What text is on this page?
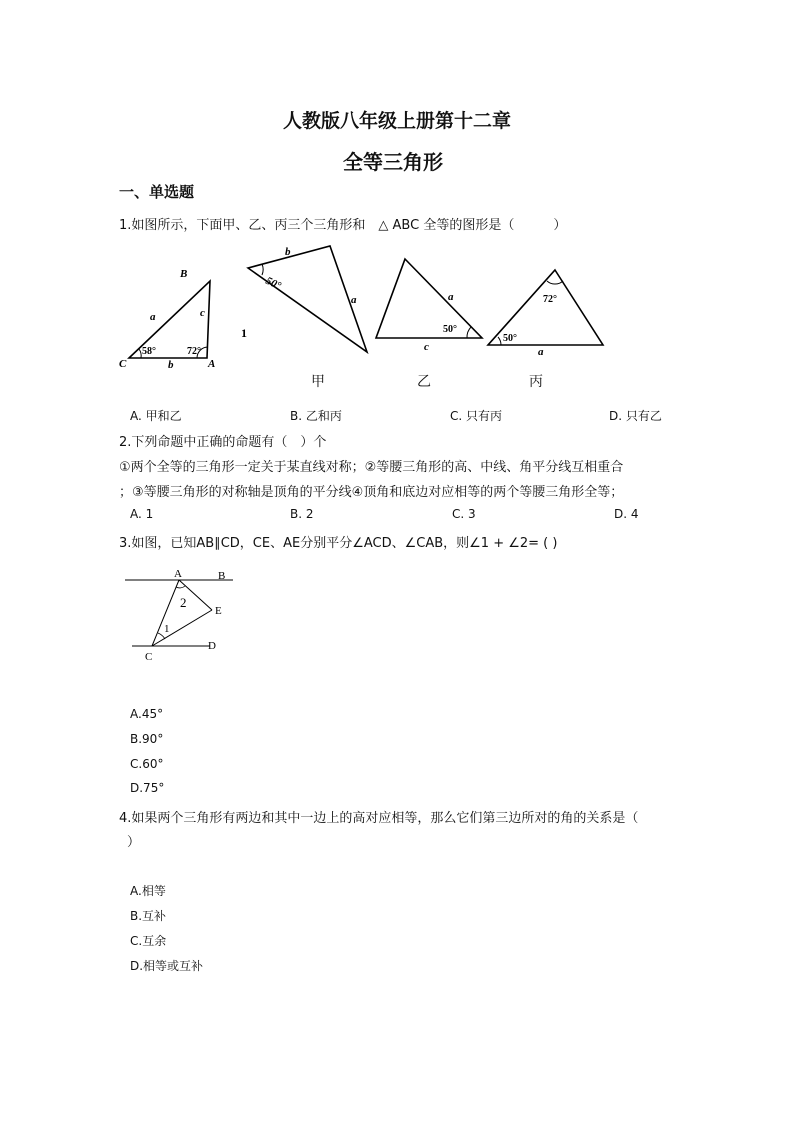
人教版八年级上册第十二章
全等三角形
一、单选题
1.如图所示，下面甲、乙、丙三个三角形和　△ ABC 全等的图形是（　　　）
B
C	A
a	c
b
58°	72°
1
b
a
50°
a
c
50°
72°
50°
a
甲	乙	丙
A. 甲和乙	B. 乙和丙	C. 只有丙	D. 只有乙
2.下列命题中正确的命题有（　）个
①两个全等的三角形一定关于某直线对称；②等腰三角形的高、中线、角平分线互相重合
；③等腰三角形的对称轴是顶角的平分线④顶角和底边对应相等的两个等腰三角形全等；
A. 1	B. 2	C. 3	D. 4
3.如图，已知AB∥CD，CE、AE分别平分∠ACD、∠CAB，则∠1 + ∠2= ( )
A	B
E
C
D
1
2
A.45°
B.90°
C.60°
D.75°
4.如果两个三角形有两边和其中一边上的高对应相等，那么它们第三边所对的角的关系是（
）
A.相等
B.互补
C.互余
D.相等或互补
